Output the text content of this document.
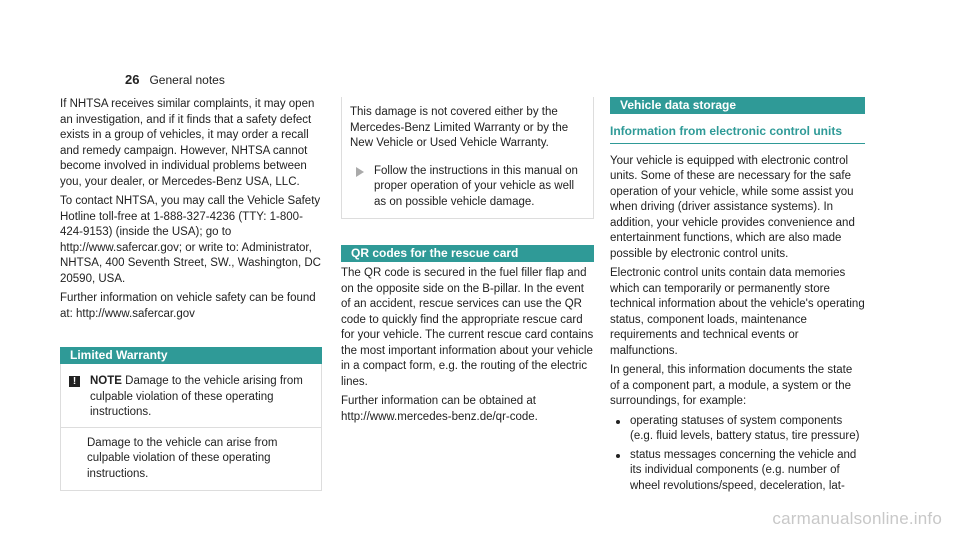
26 General notes

If NHTSA receives similar complaints, it may open an investigation, and if it finds that a safety defect exists in a group of vehicles, it may order a recall and remedy campaign. However, NHTSA cannot become involved in individual problems between you, your dealer, or Mercedes-Benz USA, LLC.

To contact NHTSA, you may call the Vehicle Safety Hotline toll-free at 1-888-327-4236 (TTY: 1-800-424-9153) (inside the USA); go to http://www.safercar.gov; or write to: Administrator, NHTSA, 400 Seventh Street, SW., Washington, DC 20590, USA.

Further information on vehicle safety can be found at: http://www.safercar.gov

Limited Warranty
!	NOTE Damage to the vehicle arising from culpable violation of these operating instructions.
Damage to the vehicle can arise from culpable violation of these operating instructions.
This damage is not covered either by the Mercedes-Benz Limited Warranty or by the New Vehicle or Used Vehicle Warranty.
Follow the instructions in this manual on proper operation of your vehicle as well as on possible vehicle damage.
QR codes for the rescue card

The QR code is secured in the fuel filler flap and on the opposite side on the B-pillar. In the event of an accident, rescue services can use the QR code to quickly find the appropriate rescue card for your vehicle. The current rescue card contains the most important information about your vehicle in a compact form, e.g. the routing of the electric lines.

Further information can be obtained at http://www.mercedes-benz.de/qr-code.

Vehicle data storage
Information from electronic control units

Your vehicle is equipped with electronic control units. Some of these are necessary for the safe operation of your vehicle, while some assist you when driving (driver assistance systems). In addition, your vehicle provides convenience and entertainment functions, which are also made possible by electronic control units.

Electronic control units contain data memories which can temporarily or permanently store technical information about the vehicle's operating status, component loads, maintenance requirements and technical events or malfunctions.

In general, this information documents the state of a component part, a module, a system or the surroundings, for example:

operating statuses of system components (e.g. fluid levels, battery status, tire pressure)
status messages concerning the vehicle and its individual components (e.g. number of wheel revolutions/speed, deceleration, lat-
carmanualsonline.info
